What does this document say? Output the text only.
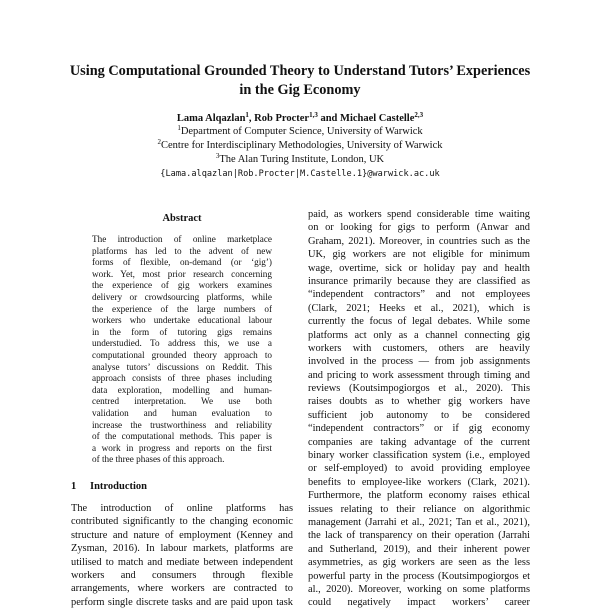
Using Computational Grounded Theory to Understand Tutors’ Experiences
in the Gig Economy
Lama Alqazlan$^1$, Rob Procter$^{1,3}$ and Michael Castelle$^{2,3}$
$^1$Department of Computer Science, University of Warwick
$^2$Centre for Interdisciplinary Methodologies, University of Warwick
$^3$The Alan Turing Institute, London, UK
{Lama.alqazlan|Rob.Procter|M.Castelle.1}@warwick.ac.uk
Abstract
The introduction of online marketplace
platforms has led to the advent of new
forms of flexible, on-demand (or ‘gig’)
work. Yet, most prior research concerning
the experience of gig workers examines
delivery or crowdsourcing platforms, while
the experience of the large numbers of
workers who undertake educational labour
in the form of tutoring gigs remains
understudied. To address this, we use a
computational grounded theory approach to
analyse tutors’ discussions on Reddit. This
approach consists of three phases including
data exploration, modelling and human-
centred interpretation. We use both
validation and human evaluation to
increase the trustworthiness and reliability
of the computational methods. This paper is
a work in progress and reports on the first
of the three phases of this approach.
1 Introduction
The introduction of online platforms has
contributed significantly to the changing economic
structure and nature of employment (Kenney and
Zysman, 2016). In labour markets, platforms are
utilised to match and mediate between independent
workers and consumers through flexible
arrangements, where workers are contracted to
perform single discrete tasks and are paid upon task
paid, as workers spend considerable time waiting
on or looking for gigs to perform (Anwar and
Graham, 2021). Moreover, in countries such as the
UK, gig workers are not eligible for minimum
wage, overtime, sick or holiday pay and health
insurance primarily because they are classified as
“independent contractors” and not employees
(Clark, 2021; Heeks et al., 2021), which is
currently the focus of legal debates. While some
platforms act only as a channel connecting gig
workers with customers, others are heavily
involved in the process — from job assignments
and pricing to work assessment through timing and
reviews (Koutsimpogiorgos et al., 2020). This
raises doubts as to whether gig workers have
sufficient job autonomy to be considered
“independent contractors” or if gig economy
companies are taking advantage of the current
binary worker classification system (i.e., employed
or self-employed) to avoid providing employee
benefits to employee-like workers (Clark, 2021).
Furthermore, the platform economy raises ethical
issues relating to their reliance on algorithmic
management (Jarrahi et al., 2021; Tan et al., 2021),
the lack of transparency on their operation (Jarrahi
and Sutherland, 2019), and their inherent power
asymmetries, as gig workers are seen as the less
powerful party in the process (Koutsimpogiorgos et
al., 2020). Moreover, working on some platforms
could negatively impact workers’ career
